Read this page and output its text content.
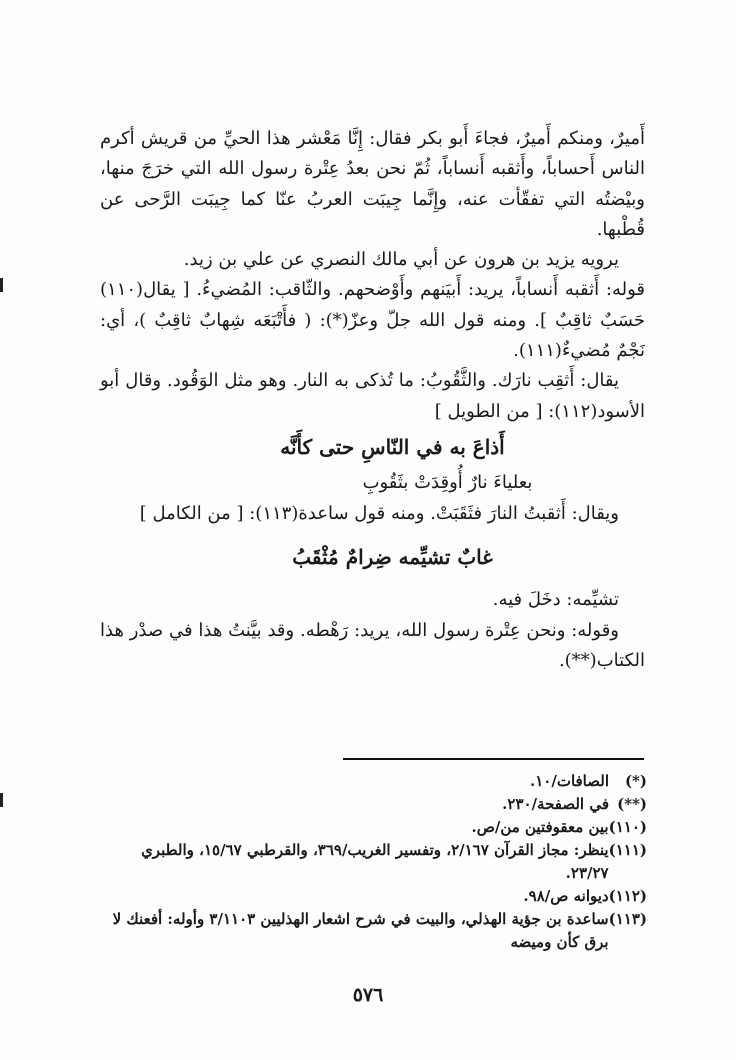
أَميرٌ، ومنكم أَميرٌ، فجاءَ أَبو بكر فقال: إِنَّا مَعْشر هذا الحيِّ من قريش أكرم الناس أَحساباً، وأَثقبه أَنساباً، ثُمّ نحن بعدُ عِتْرة رسول الله التي خرَجَ منها، وبيْضتُه التي تفقّأت عنه، وإِنَّما جِيبَت العربُ عنّا كما جِيبَت الرَّحى عن قُطْبها.

يرويه يزيد بن هرون عن أبي مالك النصري عن علي بن زيد.

قوله: أَثقبه أَنساباً، يريد: أَبيَنهم وأَوْضحهم. والثّاقب: المُضيءُ. [ يقال(١١٠) حَسَبٌ ثاقِبٌ ]. ومنه قول الله جلّ وعزّ(*): ( فأَتْبَعَه شِهابٌ ثاقِبٌ )، أي: نَجْمٌ مُضيءٌ(١١١).

يقال: أَثقِب نارَك. والثَّقُوبُ: ما تُذكى به النار. وهو مثل الوَقُود. وقال أبو الأسود(١١٢): [ من الطويل ]

أَذاعَ به في النّاسِ حتى كأَنَّه

بعلياءَ نارٌ أُوقِدَتْ بثَقُوبِ

ويقال: أَثقبتُ النارَ فثَقَبَتْ. ومنه قول ساعدة(١١٣): [ من الكامل ]

غابٌ تشيِّمه ضِرامٌ مُثْقَبُ

تشيِّمه: دخَلَ فيه.

وقوله: ونحن عِتْرة رسول الله، يريد: رَهْطه. وقد بيَّنتُ هذا في صدْر هذا الكتاب(**).

(*)
الصافات/١٠.
(**)
في الصفحة/٢٣٠.
(١١٠)
بين معقوفتين من/ص.
(١١١)
ينظر: مجاز القرآن ٢/١٦٧، وتفسير الغريب/٣٦٩، والقرطبي ١٥/٦٧، والطبري ٢٣/٢٧.
(١١٢)
ديوانه ص/٩٨.
(١١٣)
ساعدة بن جؤية الهذلي، والبيت في شرح اشعار الهذليين ٣/١١٠٣ وأوله: أفعنك لا برق كأن وميضه
٥٧٦
